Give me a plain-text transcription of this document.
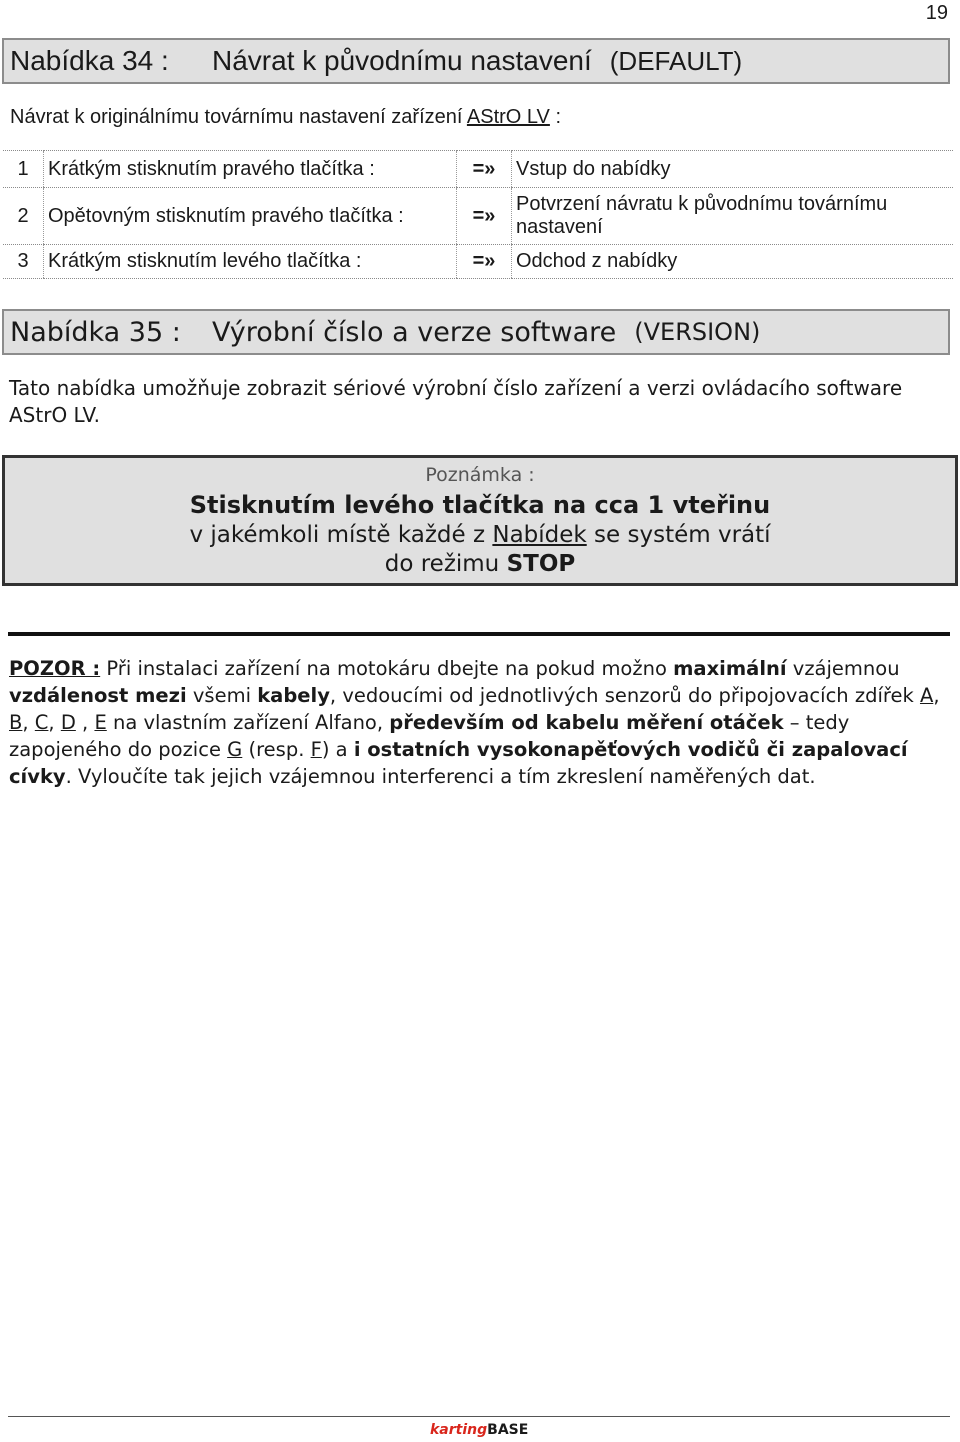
19
Nabídka 34 :	Návrat k původnímu nastavení (DEFAULT)
Návrat k originálnímu továrnímu nastavení zařízení AStrO LV :
1	Krátkým stisknutím pravého tlačítka :	=»	Vstup do nabídky
2	Opětovným stisknutím pravého tlačítka :	=»	Potvrzení návratu k původnímu továrnímu nastavení
3	Krátkým stisknutím levého tlačítka :	=»	Odchod z nabídky
Nabídka 35 :	Výrobní číslo a verze software (VERSION)
Tato nabídka umožňuje zobrazit sériové výrobní číslo zařízení a verzi ovládacího software AStrO LV.
Poznámka :
Stisknutím levého tlačítka na cca 1 vteřinu
v jakémkoli místě každé z Nabídek se systém vrátí
do režimu STOP
POZOR : Při instalaci zařízení na motokáru dbejte na pokud možno maximální vzájemnou vzdálenost mezi všemi kabely, vedoucími od jednotlivých senzorů do připojovacích zdířek A, B, C, D , E na vlastním zařízení Alfano, především od kabelu měření otáček – tedy zapojeného do pozice G (resp. F) a i ostatních vysokonapěťových vodičů či zapalovací cívky. Vyloučíte tak jejich vzájemnou interferenci a tím zkreslení naměřených dat.
kartingBASE
